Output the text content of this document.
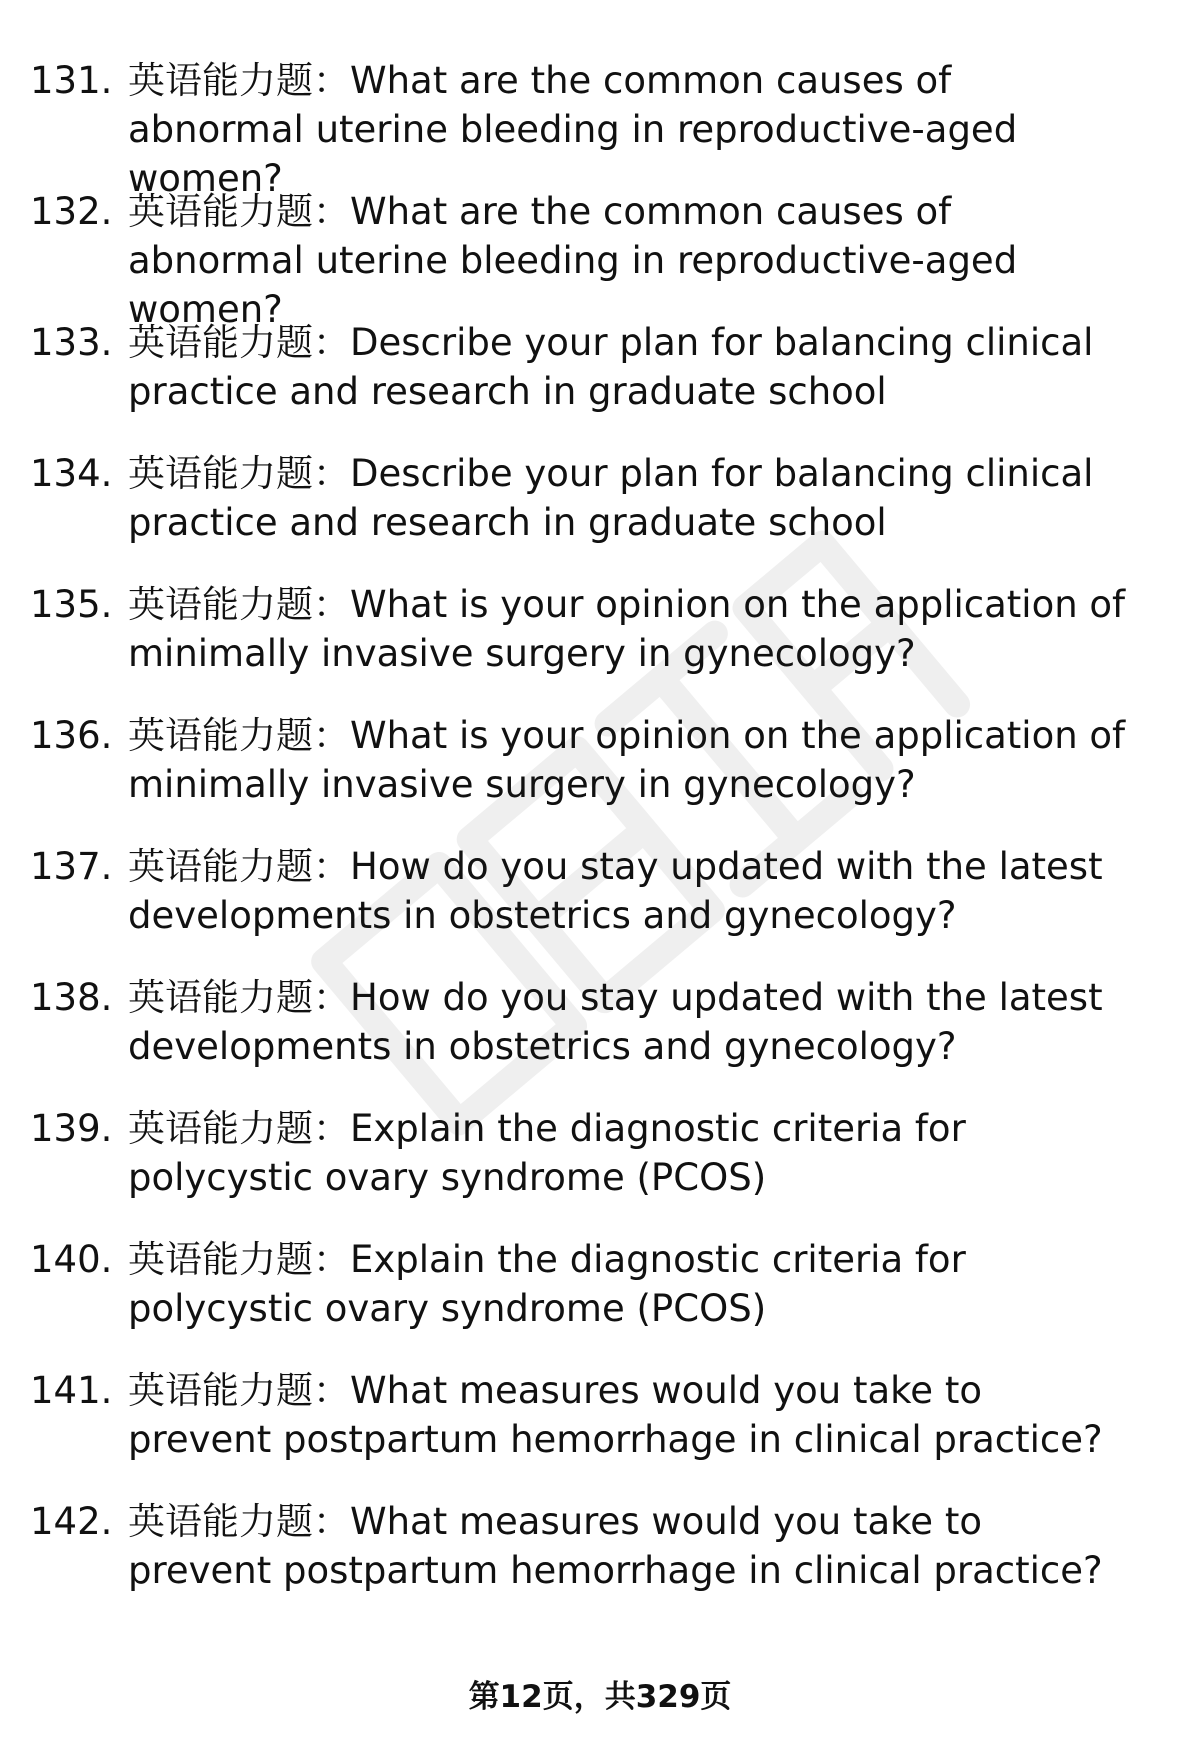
131. 英语能力题：What are the common causes of abnormal uterine bleeding in reproductive-aged women?
132. 英语能力题：What are the common causes of abnormal uterine bleeding in reproductive-aged women?
133. 英语能力题：Describe your plan for balancing clinical practice and research in graduate school
134. 英语能力题：Describe your plan for balancing clinical practice and research in graduate school
135. 英语能力题：What is your opinion on the application of minimally invasive surgery in gynecology?
136. 英语能力题：What is your opinion on the application of minimally invasive surgery in gynecology?
137. 英语能力题：How do you stay updated with the latest developments in obstetrics and gynecology?
138. 英语能力题：How do you stay updated with the latest developments in obstetrics and gynecology?
139. 英语能力题：Explain the diagnostic criteria for polycystic ovary syndrome (PCOS)
140. 英语能力题：Explain the diagnostic criteria for polycystic ovary syndrome (PCOS)
141. 英语能力题：What measures would you take to prevent postpartum hemorrhage in clinical practice?
142. 英语能力题：What measures would you take to prevent postpartum hemorrhage in clinical practice?
第12页，共329页
